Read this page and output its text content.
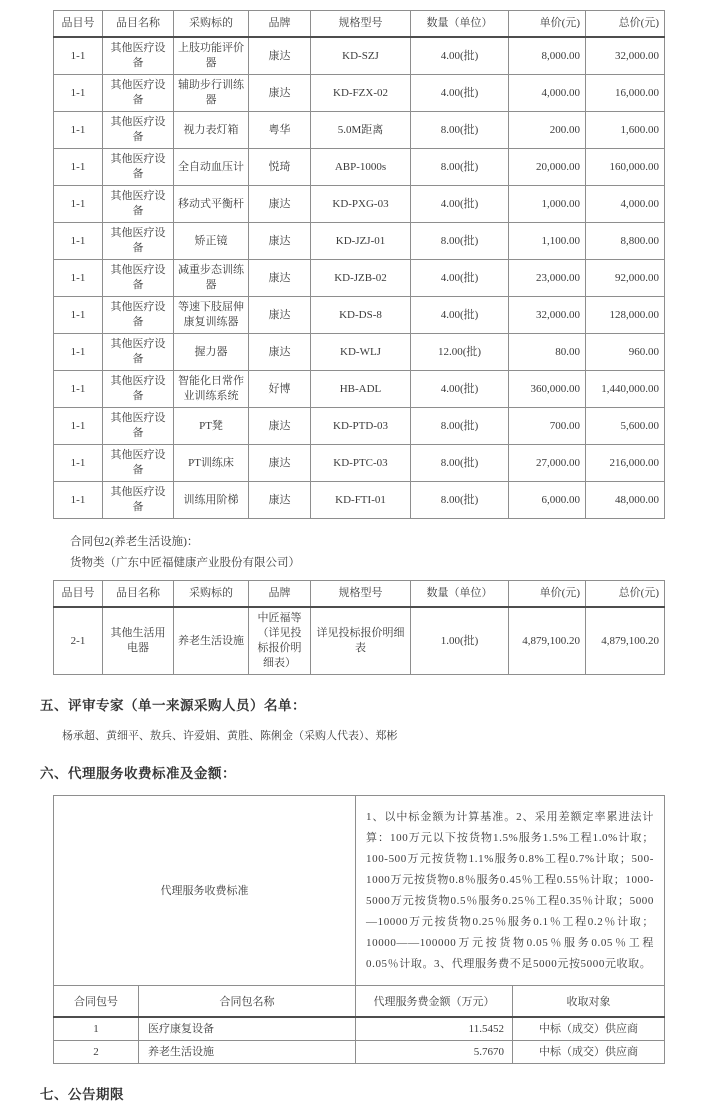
品目号	品目名称	采购标的	品牌	规格型号	数量（单位）	单价(元)	总价(元)
1-1	其他医疗设备	上肢功能评价器	康达	KD-SZJ	4.00(批)	8,000.00	32,000.00
1-1	其他医疗设备	辅助步行训练器	康达	KD-FZX-02	4.00(批)	4,000.00	16,000.00
1-1	其他医疗设备	视力表灯箱	粤华	5.0M距离	8.00(批)	200.00	1,600.00
1-1	其他医疗设备	全自动血压计	悦琦	ABP-1000s	8.00(批)	20,000.00	160,000.00
1-1	其他医疗设备	移动式平衡杆	康达	KD-PXG-03	4.00(批)	1,000.00	4,000.00
1-1	其他医疗设备	矫正镜	康达	KD-JZJ-01	8.00(批)	1,100.00	8,800.00
1-1	其他医疗设备	减重步态训练器	康达	KD-JZB-02	4.00(批)	23,000.00	92,000.00
1-1	其他医疗设备	等速下肢屈伸康复训练器	康达	KD-DS-8	4.00(批)	32,000.00	128,000.00
1-1	其他医疗设备	握力器	康达	KD-WLJ	12.00(批)	80.00	960.00
1-1	其他医疗设备	智能化日常作业训练系统	好博	HB-ADL	4.00(批)	360,000.00	1,440,000.00
1-1	其他医疗设备	PT凳	康达	KD-PTD-03	8.00(批)	700.00	5,600.00
1-1	其他医疗设备	PT训练床	康达	KD-PTC-03	8.00(批)	27,000.00	216,000.00
1-1	其他医疗设备	训练用阶梯	康达	KD-FTI-01	8.00(批)	6,000.00	48,000.00

合同包2(养老生活设施)：

货物类（广东中匠福健康产业股份有限公司）

品目号	品目名称	采购标的	品牌	规格型号	数量（单位）	单价(元)	总价(元)
2-1	其他生活用电器	养老生活设施	中匠福等（详见投标报价明细表）	详见投标报价明细表	1.00(批)	4,879,100.20	4,879,100.20
五、评审专家（单一来源采购人员）名单：

杨承超、黄细平、敖兵、许爱娟、黄胜、陈俐金（采购人代表）、郑彬

六、代理服务收费标准及金额：
代理服务收费标准		1、以中标金额为计算基准。2、采用差额定率累进法计算：100万元以下按货物1.5%服务1.5%工程1.0%计取；100-500万元按货物1.1%服务0.8%工程0.7%计取；500-1000万元按货物0.8％服务0.45％工程0.55％计取；1000-5000万元按货物0.5％服务0.25％工程0.35％计取；5000—10000万元按货物0.25％服务0.1％工程0.2％计取；10000——100000万元按货物0.05％服务0.05％工程0.05％计取。3、代理服务费不足5000元按5000元收取。	
合同包号	合同包名称	代理服务费金额（万元）	收取对象
1	医疗康复设备	11.5452	中标（成交）供应商
2	养老生活设施	5.7670	中标（成交）供应商
七、公告期限
